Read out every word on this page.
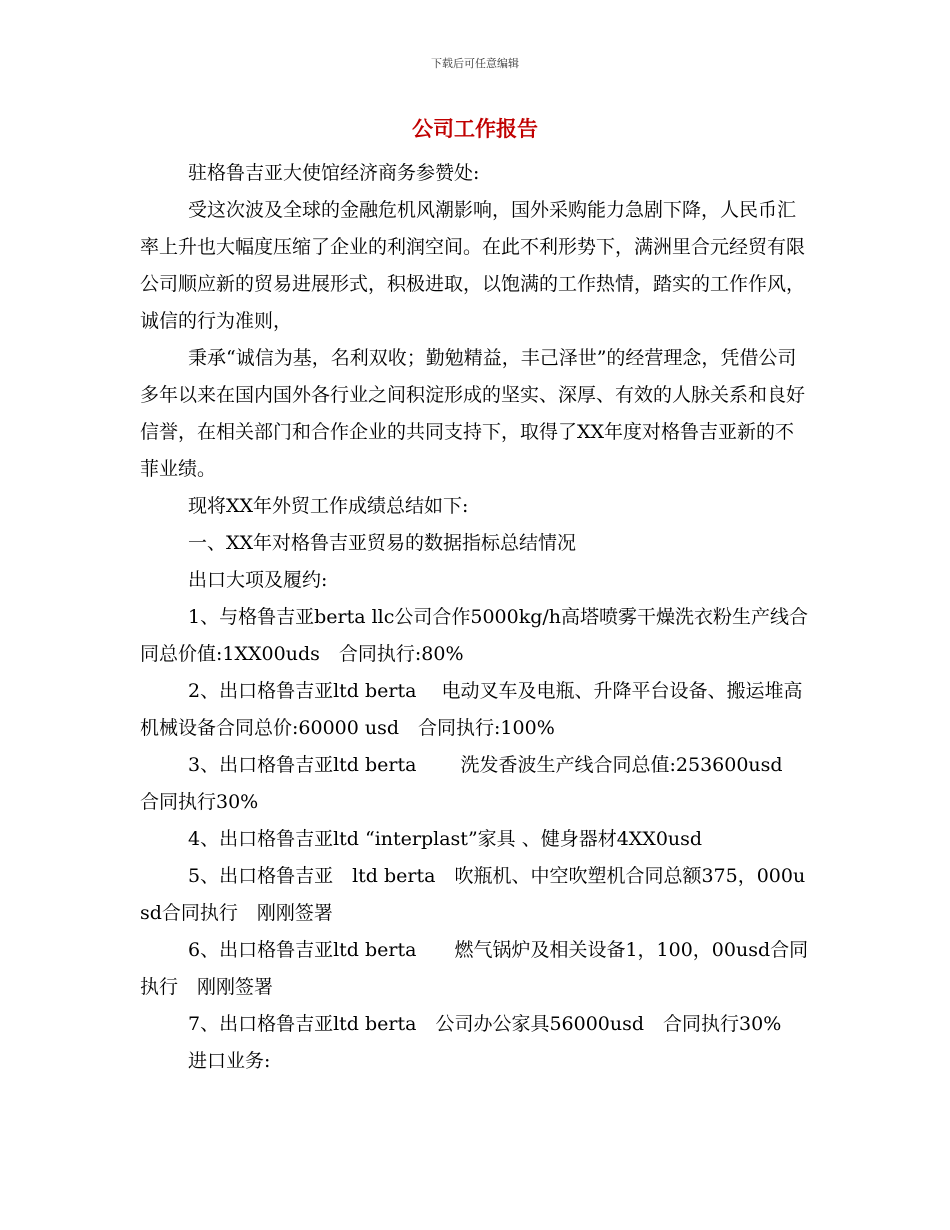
下载后可任意编辑
公司工作报告

驻格鲁吉亚大使馆经济商务参赞处:

受这次波及全球的金融危机风潮影响，国外采购能力急剧下降，人民币汇率上升也大幅度压缩了企业的利润空间。在此不利形势下，满洲里合元经贸有限公司顺应新的贸易进展形式，积极进取，以饱满的工作热情，踏实的工作作风，诚信的行为准则，

秉承“诚信为基，名利双收；勤勉精益，丰己泽世”的经营理念，凭借公司多年以来在国内国外各行业之间积淀形成的坚实、深厚、有效的人脉关系和良好信誉，在相关部门和合作企业的共同支持下，取得了XX年度对格鲁吉亚新的不菲业绩。

现将XX年外贸工作成绩总结如下:

一、XX年对格鲁吉亚贸易的数据指标总结情况

出口大项及履约:

1、与格鲁吉亚berta llc公司合作5000kg/h高塔喷雾干燥洗衣粉生产线合同总价值:1XX00uds　合同执行:80%

2、出口格鲁吉亚ltd berta　 电动叉车及电瓶、升降平台设备、搬运堆高机械设备合同总价:60000 usd　合同执行:100%

3、出口格鲁吉亚ltd berta　　 洗发香波生产线合同总值:253600usd　合同执行30%

4、出口格鲁吉亚ltd “interplast”家具 、健身器材4XX0usd

5、出口格鲁吉亚　ltd berta　吹瓶机、中空吹塑机合同总额375，000usd合同执行　刚刚签署

6、出口格鲁吉亚ltd berta　　燃气锅炉及相关设备1，100，00usd合同执行　刚刚签署

7、出口格鲁吉亚ltd berta　公司办公家具56000usd　合同执行30%

进口业务:
